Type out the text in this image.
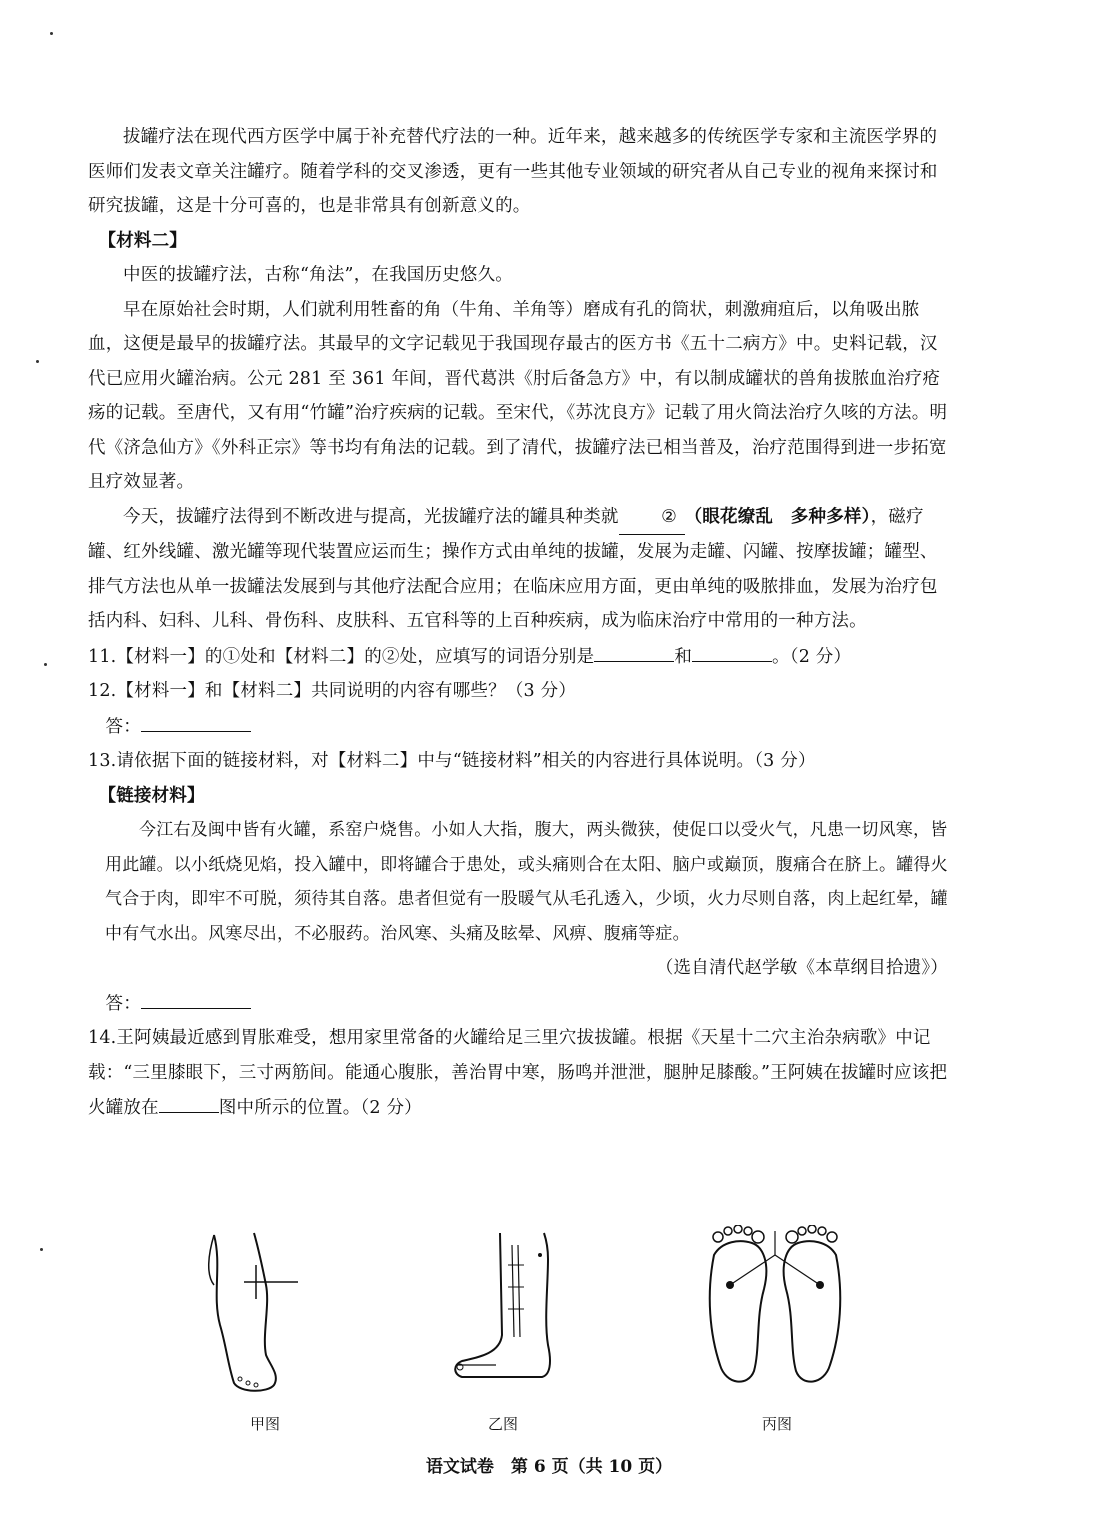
拔罐疗法在现代西方医学中属于补充替代疗法的一种。近年来，越来越多的传统医学专家和主流医学界的医师们发表文章关注罐疗。随着学科的交叉渗透，更有一些其他专业领域的研究者从自己专业的视角来探讨和研究拔罐，这是十分可喜的，也是非常具有创新意义的。

【材料二】

中医的拔罐疗法，古称“角法”，在我国历史悠久。

早在原始社会时期，人们就利用牲畜的角（牛角、羊角等）磨成有孔的筒状，刺激痈疽后，以角吸出脓血，这便是最早的拔罐疗法。其最早的文字记载见于我国现存最古的医方书《五十二病方》中。史料记载，汉代已应用火罐治病。公元 281 至 361 年间，晋代葛洪《肘后备急方》中，有以制成罐状的兽角拔脓血治疗疮疡的记载。至唐代，又有用“竹罐”治疗疾病的记载。至宋代，《苏沈良方》记载了用火筒法治疗久咳的方法。明代《济急仙方》《外科正宗》等书均有角法的记载。到了清代，拔罐疗法已相当普及，治疗范围得到进一步拓宽且疗效显著。

今天，拔罐疗法得到不断改进与提高，光拔罐疗法的罐具种类就 ② （眼花缭乱　多种多样），磁疗罐、红外线罐、激光罐等现代装置应运而生；操作方式由单纯的拔罐，发展为走罐、闪罐、按摩拔罐；罐型、排气方法也从单一拔罐法发展到与其他疗法配合应用；在临床应用方面，更由单纯的吸脓排血，发展为治疗包括内科、妇科、儿科、骨伤科、皮肤科、五官科等的上百种疾病，成为临床治疗中常用的一种方法。

11.【材料一】的①处和【材料二】的②处，应填写的词语分别是	和	。（2 分）

12.【材料一】和【材料二】共同说明的内容有哪些？（3 分）

答：

13.请依据下面的链接材料，对【材料二】中与“链接材料”相关的内容进行具体说明。（3 分）

【链接材料】

今江右及闽中皆有火罐，系窑户烧售。小如人大指，腹大，两头微狭，使促口以受火气，凡患一切风寒，皆用此罐。以小纸烧见焰，投入罐中，即将罐合于患处，或头痛则合在太阳、脑户或巅顶，腹痛合在脐上。罐得火气合于肉，即牢不可脱，须待其自落。患者但觉有一股暖气从毛孔透入，少顷，火力尽则自落，肉上起红晕，罐中有气水出。风寒尽出，不必服药。治风寒、头痛及眩晕、风痹、腹痛等症。

（选自清代赵学敏《本草纲目拾遗》）

答：

14.王阿姨最近感到胃胀难受，想用家里常备的火罐给足三里穴拔拔罐。根据《天星十二穴主治杂病歌》中记载：“三里膝眼下，三寸两筋间。能通心腹胀，善治胃中寒，肠鸣并泄泄，腿肿足膝酸。”王阿姨在拔罐时应该把火罐放在	图中所示的位置。（2 分）

甲图	乙图	丙图
语文试卷　第 6 页（共 10 页）
